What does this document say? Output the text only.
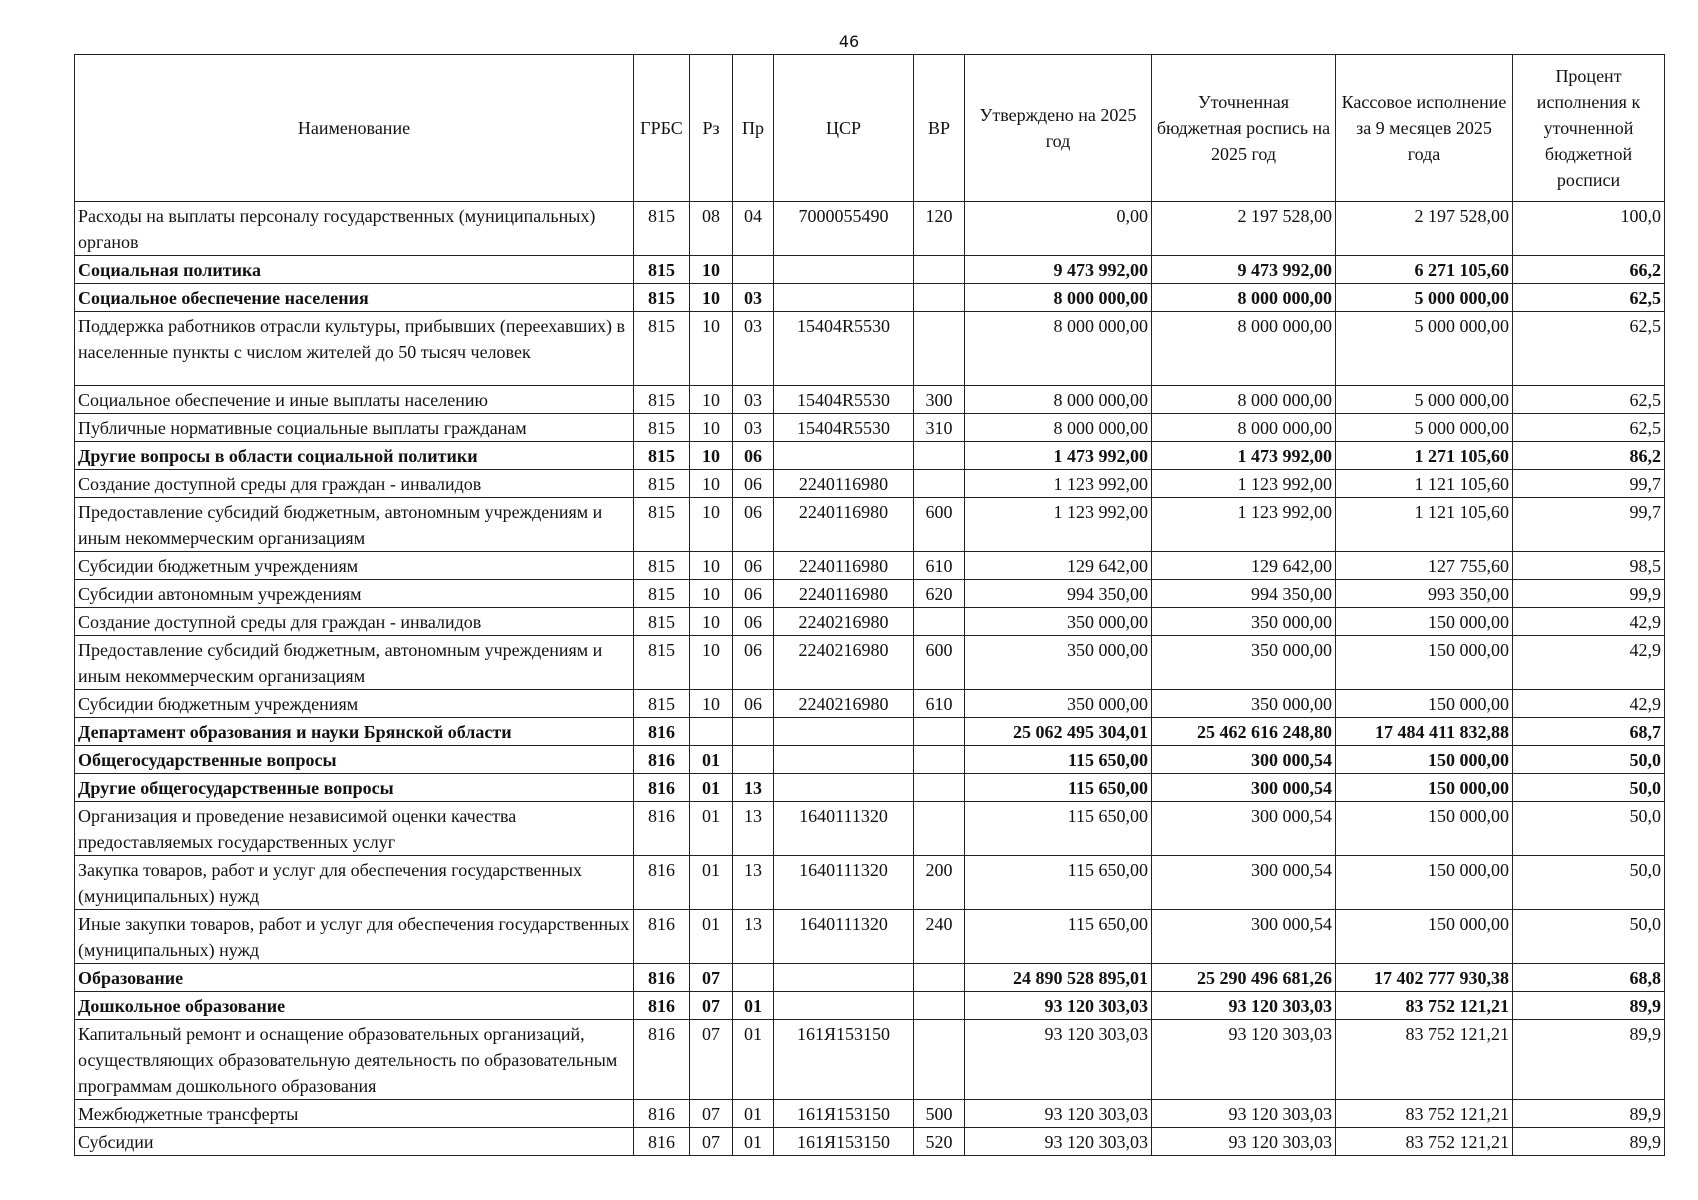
46
Наименование	ГРБС	Рз	Пр	ЦСР	ВР	Утверждено на 2025 год	Уточненная бюджетная роспись на 2025 год	Кассовое исполнение за 9 месяцев 2025 года	Процент исполнения к уточненной бюджетной росписи
Расходы на выплаты персоналу государственных (муниципальных) органов	815	08	04	7000055490	120	0,00	2 197 528,00	2 197 528,00	100,0
Социальная политика	815	10				9 473 992,00	9 473 992,00	6 271 105,60	66,2
Социальное обеспечение населения	815	10	03			8 000 000,00	8 000 000,00	5 000 000,00	62,5
Поддержка работников отрасли культуры, прибывших (переехавших) в населенные пункты с числом жителей до 50 тысяч человек	815	10	03	15404R5530		8 000 000,00	8 000 000,00	5 000 000,00	62,5
Социальное обеспечение и иные выплаты населению	815	10	03	15404R5530	300	8 000 000,00	8 000 000,00	5 000 000,00	62,5
Публичные нормативные социальные выплаты гражданам	815	10	03	15404R5530	310	8 000 000,00	8 000 000,00	5 000 000,00	62,5
Другие вопросы в области социальной политики	815	10	06			1 473 992,00	1 473 992,00	1 271 105,60	86,2
Создание доступной среды для граждан - инвалидов	815	10	06	2240116980		1 123 992,00	1 123 992,00	1 121 105,60	99,7
Предоставление субсидий бюджетным, автономным учреждениям и иным некоммерческим организациям	815	10	06	2240116980	600	1 123 992,00	1 123 992,00	1 121 105,60	99,7
Субсидии бюджетным учреждениям	815	10	06	2240116980	610	129 642,00	129 642,00	127 755,60	98,5
Субсидии автономным учреждениям	815	10	06	2240116980	620	994 350,00	994 350,00	993 350,00	99,9
Создание доступной среды для граждан - инвалидов	815	10	06	2240216980		350 000,00	350 000,00	150 000,00	42,9
Предоставление субсидий бюджетным, автономным учреждениям и иным некоммерческим организациям	815	10	06	2240216980	600	350 000,00	350 000,00	150 000,00	42,9
Субсидии бюджетным учреждениям	815	10	06	2240216980	610	350 000,00	350 000,00	150 000,00	42,9
Департамент образования и науки Брянской области	816					25 062 495 304,01	25 462 616 248,80	17 484 411 832,88	68,7
Общегосударственные вопросы	816	01				115 650,00	300 000,54	150 000,00	50,0
Другие общегосударственные вопросы	816	01	13			115 650,00	300 000,54	150 000,00	50,0
Организация и проведение независимой оценки качества предоставляемых государственных услуг	816	01	13	1640111320		115 650,00	300 000,54	150 000,00	50,0
Закупка товаров, работ и услуг для обеспечения государственных (муниципальных) нужд	816	01	13	1640111320	200	115 650,00	300 000,54	150 000,00	50,0
Иные закупки товаров, работ и услуг для обеспечения государственных (муниципальных) нужд	816	01	13	1640111320	240	115 650,00	300 000,54	150 000,00	50,0
Образование	816	07				24 890 528 895,01	25 290 496 681,26	17 402 777 930,38	68,8
Дошкольное образование	816	07	01			93 120 303,03	93 120 303,03	83 752 121,21	89,9
Капитальный ремонт и оснащение образовательных организаций, осуществляющих образовательную деятельность по образовательным программам дошкольного образования	816	07	01	161Я153150		93 120 303,03	93 120 303,03	83 752 121,21	89,9
Межбюджетные трансферты	816	07	01	161Я153150	500	93 120 303,03	93 120 303,03	83 752 121,21	89,9
Субсидии	816	07	01	161Я153150	520	93 120 303,03	93 120 303,03	83 752 121,21	89,9
